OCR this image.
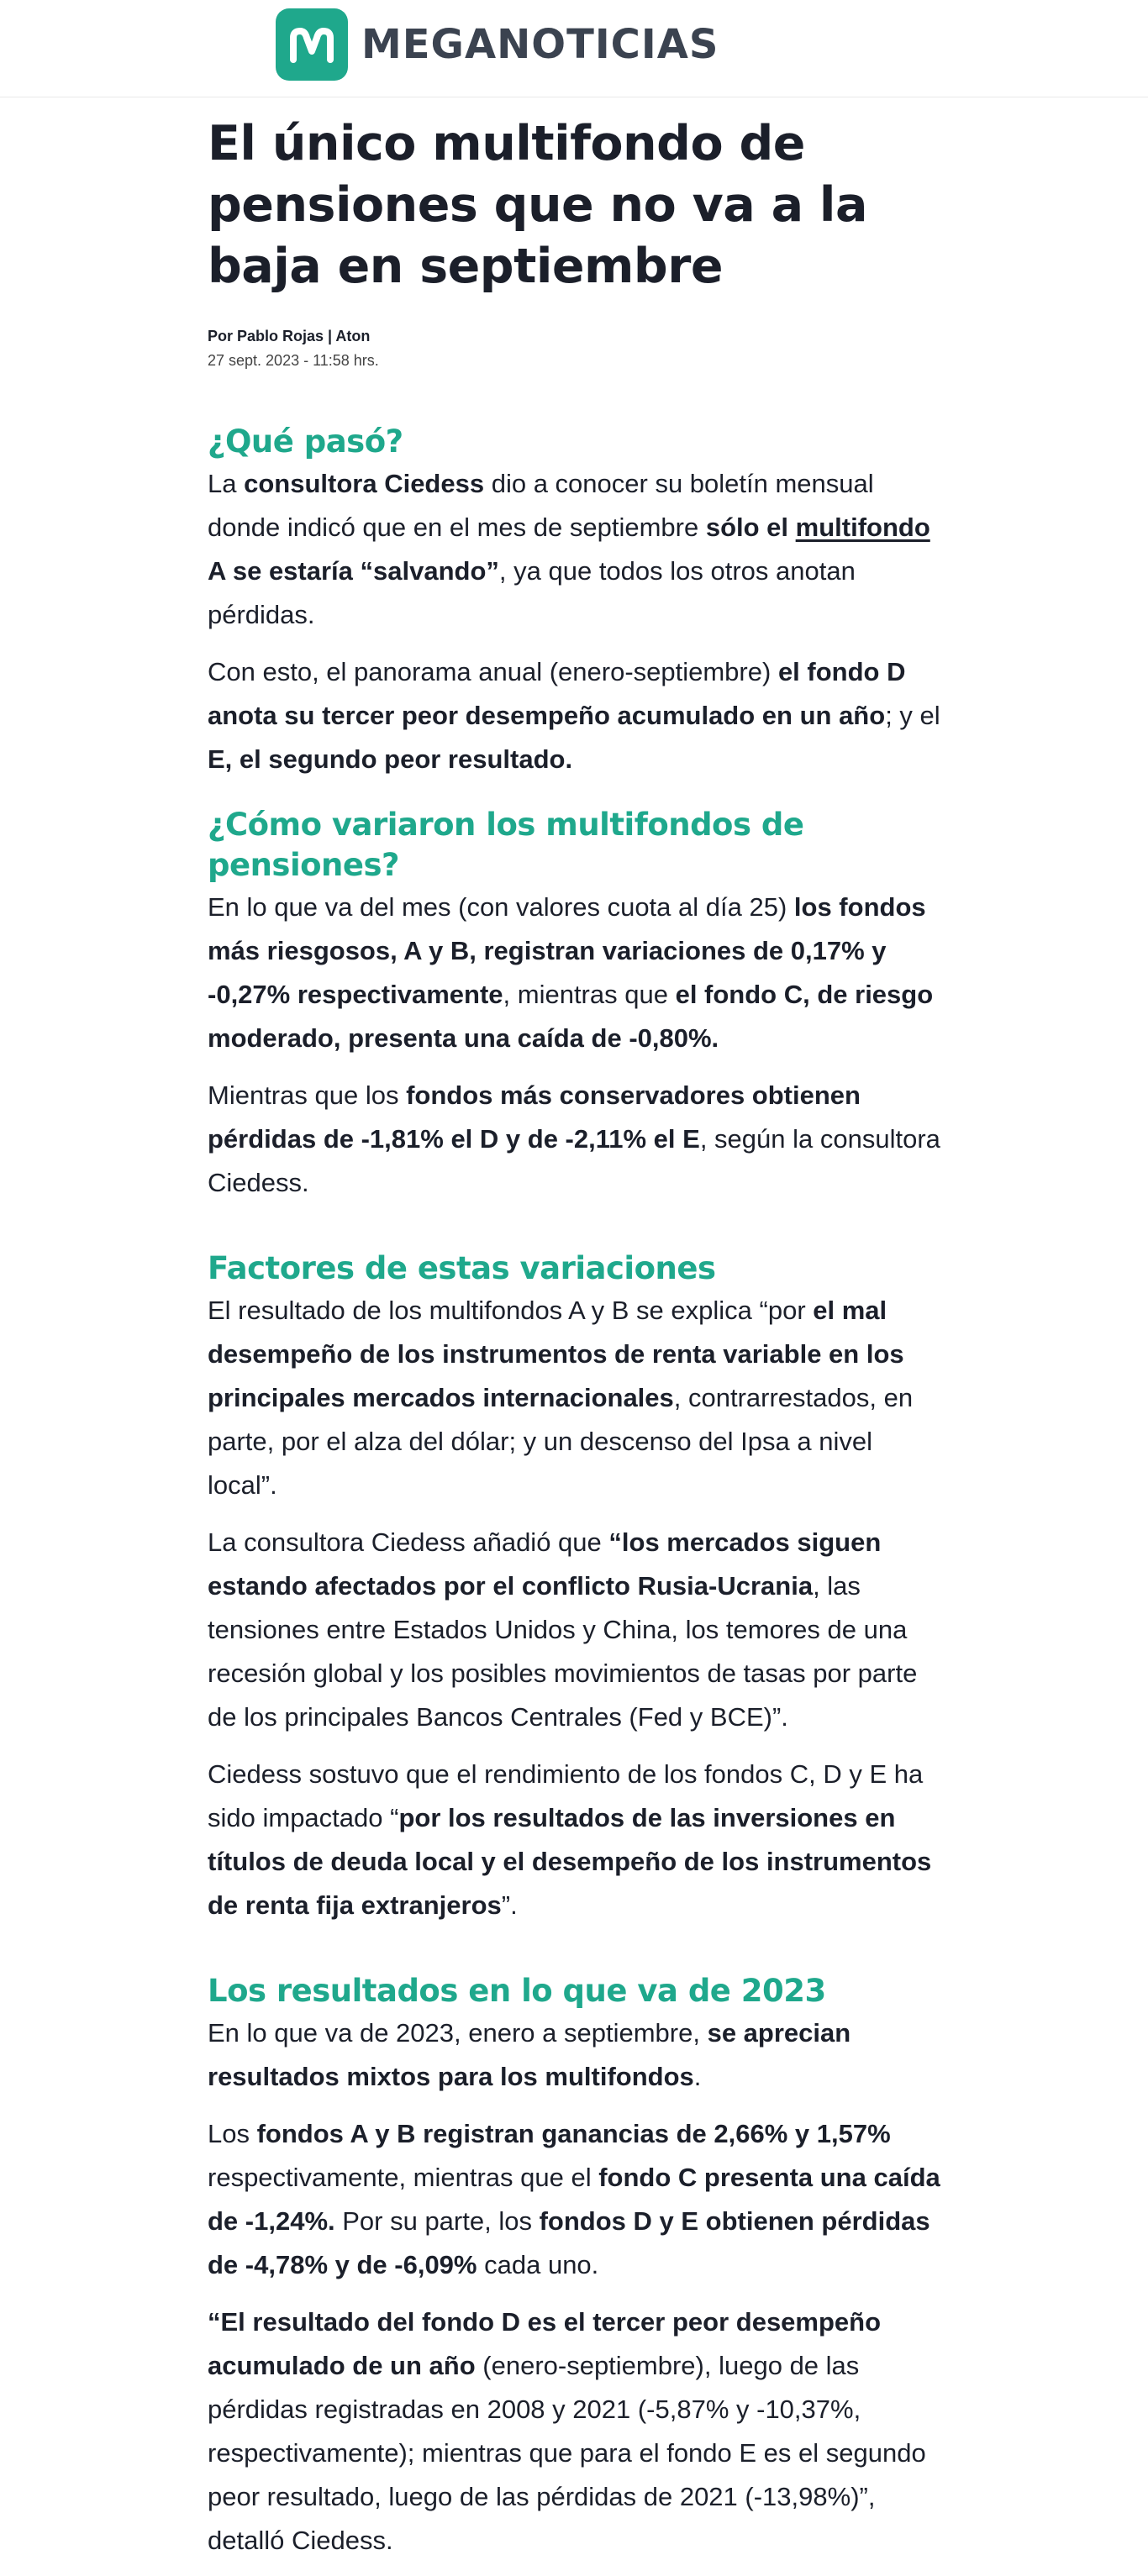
MEGANOTICIAS
El único multifondo de pensiones que no va a la baja en septiembre
Por Pablo Rojas | Aton
27 sept. 2023 - 11:58 hrs.
¿Qué pasó?

La consultora Ciedess dio a conocer su boletín mensual donde indicó que en el mes de septiembre sólo el multifondo A se estaría “salvando”, ya que todos los otros anotan pérdidas.

Con esto, el panorama anual (enero-septiembre) el fondo D anota su tercer peor desempeño acumulado en un año; y el E, el segundo peor resultado.

¿Cómo variaron los multifondos de pensiones?

En lo que va del mes (con valores cuota al día 25) los fondos más riesgosos, A y B, registran variaciones de 0,17% y -0,27% respectivamente, mientras que el fondo C, de riesgo moderado, presenta una caída de -0,80%.

Mientras que los fondos más conservadores obtienen pérdidas de -1,81% el D y de -2,11% el E, según la consultora Ciedess.

Factores de estas variaciones

El resultado de los multifondos A y B se explica “por el mal desempeño de los instrumentos de renta variable en los principales mercados internacionales, contrarrestados, en parte, por el alza del dólar; y un descenso del Ipsa a nivel local”.

La consultora Ciedess añadió que “los mercados siguen estando afectados por el conflicto Rusia-Ucrania, las tensiones entre Estados Unidos y China, los temores de una recesión global y los posibles movimientos de tasas por parte de los principales Bancos Centrales (Fed y BCE)”.

Ciedess sostuvo que el rendimiento de los fondos C, D y E ha sido impactado “por los resultados de las inversiones en títulos de deuda local y el desempeño de los instrumentos de renta fija extranjeros”.

Los resultados en lo que va de 2023

En lo que va de 2023, enero a septiembre, se aprecian resultados mixtos para los multifondos.

Los fondos A y B registran ganancias de 2,66% y 1,57% respectivamente, mientras que el fondo C presenta una caída de -1,24%. Por su parte, los fondos D y E obtienen pérdidas de -4,78% y de -6,09% cada uno.

“El resultado del fondo D es el tercer peor desempeño acumulado de un año (enero-septiembre), luego de las pérdidas registradas en 2008 y 2021 (-5,87% y -10,37%, respectivamente); mientras que para el fondo E es el segundo peor resultado, luego de las pérdidas de 2021 (-13,98%)”, detalló Ciedess.
